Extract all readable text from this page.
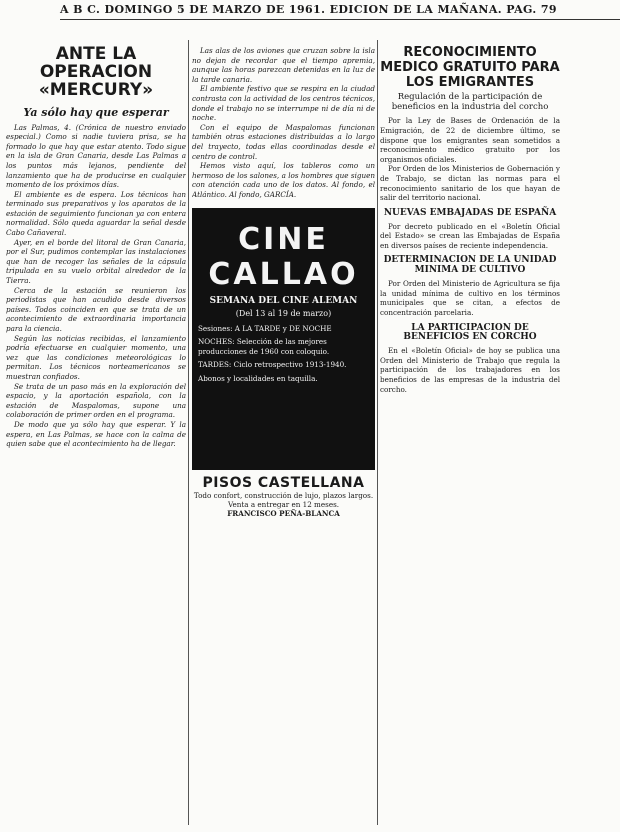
A B C. DOMINGO 5 DE MARZO DE 1961. EDICION DE LA MAÑANA. PAG. 79
ANTE LA OPERACION «MERCURY»
Ya sólo hay que esperar

Las Palmas, 4. (Crónica de nuestro enviado especial.) Como si nadie tuviera prisa, se ha formado lo que hay que estar atento. Todo sigue en la isla de Gran Canaria, desde Las Palmas a los puntos más lejanos, pendiente del lanzamiento que ha de producirse en cualquier momento de los próximos días.

El ambiente es de espera. Los técnicos han terminado sus preparativos y los aparatos de la estación de seguimiento funcionan ya con entera normalidad. Sólo queda aguardar la señal desde Cabo Cañaveral.

Ayer, en el borde del litoral de Gran Canaria, por el Sur, pudimos contemplar las instalaciones que han de recoger las señales de la cápsula tripulada en su vuelo orbital alrededor de la Tierra.

Cerca de la estación se reunieron los periodistas que han acudido desde diversos países. Todos coinciden en que se trata de un acontecimiento de extraordinaria importancia para la ciencia.

Según las noticias recibidas, el lanzamiento podría efectuarse en cualquier momento, una vez que las condiciones meteorológicas lo permitan. Los técnicos norteamericanos se muestran confiados.

Se trata de un paso más en la exploración del espacio, y la aportación española, con la estación de Maspalomas, supone una colaboración de primer orden en el programa.

De modo que ya sólo hay que esperar. Y la espera, en Las Palmas, se hace con la calma de quien sabe que el acontecimiento ha de llegar.

Las alas de los aviones que cruzan sobre la isla no dejan de recordar que el tiempo apremia, aunque las horas parezcan detenidas en la luz de la tarde canaria.

El ambiente festivo que se respira en la ciudad contrasta con la actividad de los centros técnicos, donde el trabajo no se interrumpe ni de día ni de noche.

Con el equipo de Maspalomas funcionan también otras estaciones distribuidas a lo largo del trayecto, todas ellas coordinadas desde el centro de control.

Hemos visto aquí, los tableros como un hermoso de los salones, a los hombres que siguen con atención cada uno de los datos. Al fondo, el Atlántico. Al fondo, GARCÍA.

CINE CALLAO
SEMANA DEL CINE ALEMAN
(Del 13 al 19 de marzo)
Sesiones: A LA TARDE y DE NOCHE
NOCHES: Selección de las mejores producciones de 1960 con coloquio.
TARDES: Ciclo retrospectivo 1913-1940.
Abonos y localidades en taquilla.
PISOS CASTELLANA
Todo confort, construcción de lujo, plazos largos. Venta a entregar en 12 meses.
FRANCISCO PEÑA-BLANCA
RECONOCIMIENTO MEDICO GRATUITO PARA LOS EMIGRANTES
Regulación de la participación de beneficios en la industria del corcho

Por la Ley de Bases de Ordenación de la Emigración, de 22 de diciembre último, se dispone que los emigrantes sean sometidos a reconocimiento médico gratuito por los organismos oficiales.

Por Orden de los Ministerios de Gobernación y de Trabajo, se dictan las normas para el reconocimiento sanitario de los que hayan de salir del territorio nacional.

NUEVAS EMBAJADAS DE ESPAÑA

Por decreto publicado en el «Boletín Oficial del Estado» se crean las Embajadas de España en diversos países de reciente independencia.

DETERMINACION DE LA UNIDAD MINIMA DE CULTIVO

Por Orden del Ministerio de Agricultura se fija la unidad mínima de cultivo en los términos municipales que se citan, a efectos de concentración parcelaria.

LA PARTICIPACION DE BENEFICIOS EN CORCHO

En el «Boletín Oficial» de hoy se publica una Orden del Ministerio de Trabajo que regula la participación de los trabajadores en los beneficios de las empresas de la industria del corcho.
